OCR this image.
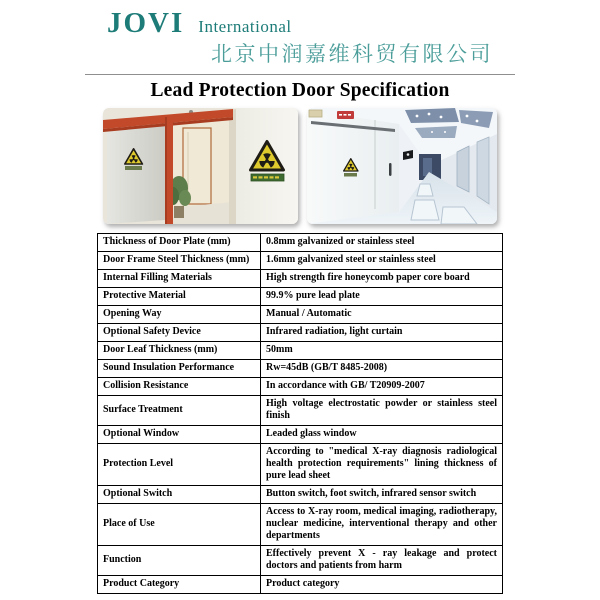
JOVI International
北京中润嘉维科贸有限公司
Lead Protection Door Specification
Thickness of Door Plate (mm)	0.8mm galvanized or stainless steel
Door Frame Steel Thickness (mm)	1.6mm galvanized steel or stainless steel
Internal Filling Materials	High strength fire honeycomb paper core board
Protective Material	99.9% pure lead plate
Opening Way	Manual / Automatic
Optional Safety Device	Infrared radiation, light curtain
Door Leaf Thickness (mm)	50mm
Sound Insulation Performance	Rw=45dB (GB/T 8485-2008)
Collision Resistance	In accordance with GB/ T20909-2007
Surface Treatment	High voltage electrostatic powder or stainless steel finish
Optional Window	Leaded glass window
Protection Level	According to "medical X-ray diagnosis radiological health protection requirements" lining thickness of pure lead sheet
Optional Switch	Button switch, foot switch, infrared sensor switch
Place of Use	Access to X-ray room, medical imaging, radiotherapy, nuclear medicine, interventional therapy and other departments
Function	Effectively prevent X - ray leakage and protect doctors and patients from harm
Product Category	Product category
